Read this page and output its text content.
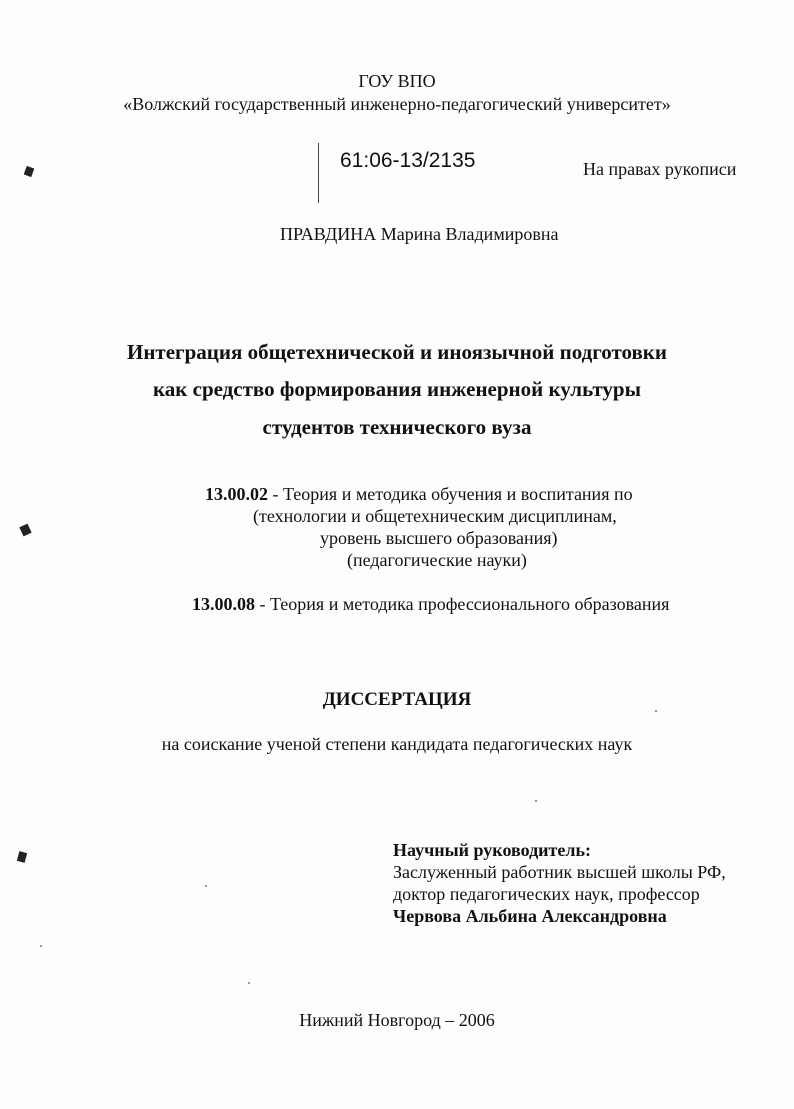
ГОУ ВПО
«Волжский государственный инженерно-педагогический университет»
61:06-13/2135	На правах рукописи
ПРАВДИНА Марина Владимировна
Интеграция общетехнической и иноязычной подготовки
как средство формирования инженерной культуры
студентов технического вуза
13.00.02 - Теория и методика обучения и воспитания по
(технологии и общетехническим дисциплинам,
уровень высшего образования)
(педагогические науки)
13.00.08 - Теория и методика профессионального образования
ДИССЕРТАЦИЯ
на соискание ученой степени кандидата педагогических наук
Научный руководитель:
Заслуженный работник высшей школы РФ,
доктор педагогических наук, профессор
Червова Альбина Александровна
Нижний Новгород – 2006
